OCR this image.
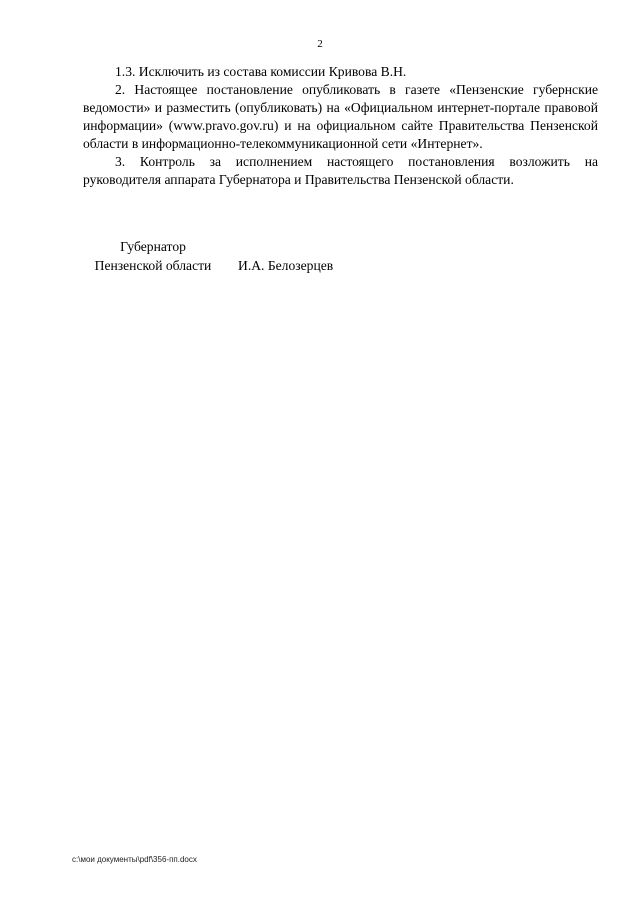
2

1.3. Исключить из состава комиссии Кривова В.Н.

2. Настоящее постановление опубликовать в газете «Пензенские губернские ведомости» и разместить (опубликовать) на «Официальном интернет-портале правовой информации» (www.pravo.gov.ru) и на официальном сайте Правительства Пензенской области в информационно-телекоммуникационной сети «Интернет».

3. Контроль за исполнением настоящего постановления возложить на руководителя аппарата Губернатора и Правительства Пензенской области.

Губернатор
Пензенской области	И.А. Белозерцев
c:\мои документы\pdf\356-пп.docx
